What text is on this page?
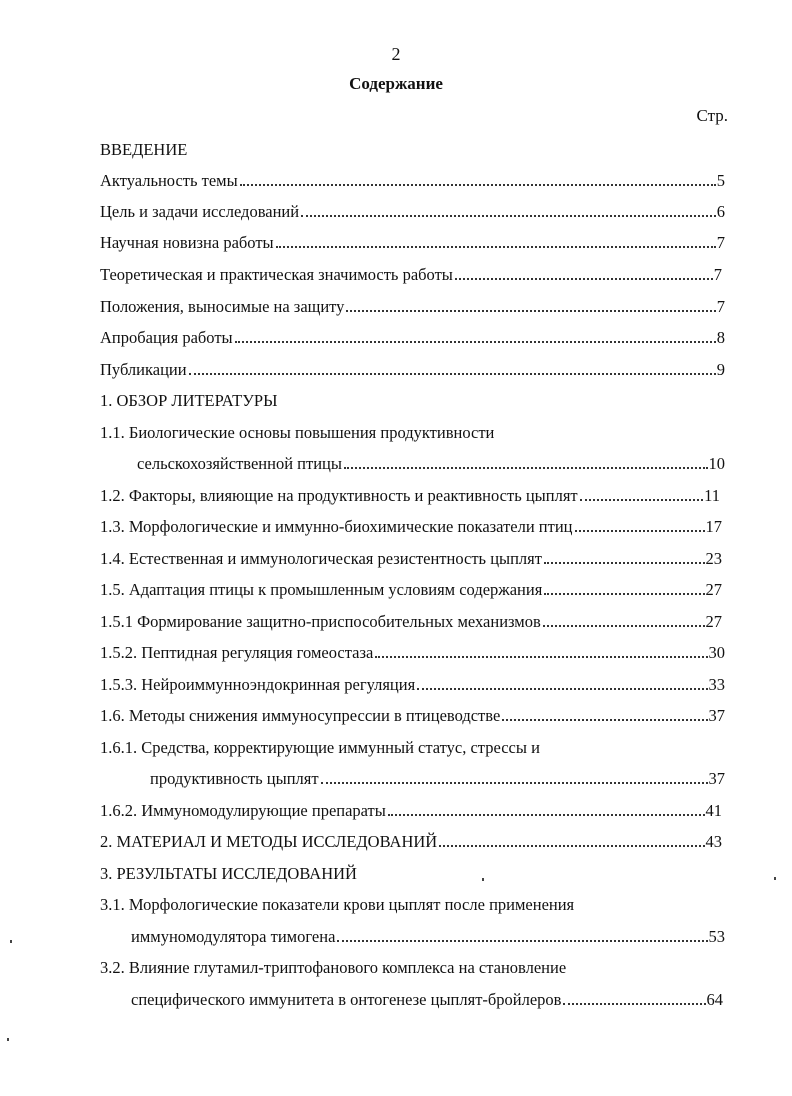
2
Содержание
Стр.
ВВЕДЕНИЕ
Актуальность темы	5
Цель и задачи исследований	6
Научная новизна работы	7
Теоретическая и практическая значимость работы	7
Положения, выносимые на защиту	7
Апробация работы	8
Публикации	9
1. ОБЗОР ЛИТЕРАТУРЫ
1.1. Биологические основы повышения продуктивности
сельскохозяйственной птицы	10
1.2. Факторы, влияющие на продуктивность и реактивность цыплят	11
1.3. Морфологические и иммунно-биохимические показатели птиц	17
1.4. Естественная и иммунологическая резистентность цыплят	23
1.5. Адаптация птицы к промышленным условиям содержания	27
1.5.1 Формирование защитно-приспособительных механизмов	27
1.5.2. Пептидная регуляция гомеостаза	30
1.5.3. Нейроиммунноэндокринная регуляция	33
1.6. Методы снижения иммуносупрессии в птицеводстве	37
1.6.1. Средства, корректирующие иммунный статус, стрессы и
продуктивность цыплят	37
1.6.2. Иммуномодулирующие препараты	41
2. МАТЕРИАЛ И МЕТОДЫ ИССЛЕДОВАНИЙ	43
3. РЕЗУЛЬТАТЫ ИССЛЕДОВАНИЙ
3.1. Морфологические показатели крови цыплят после применения
иммуномодулятора тимогена	53
3.2. Влияние глутамил-триптофанового комплекса на становление
специфического иммунитета в онтогенезе цыплят-бройлеров	64
